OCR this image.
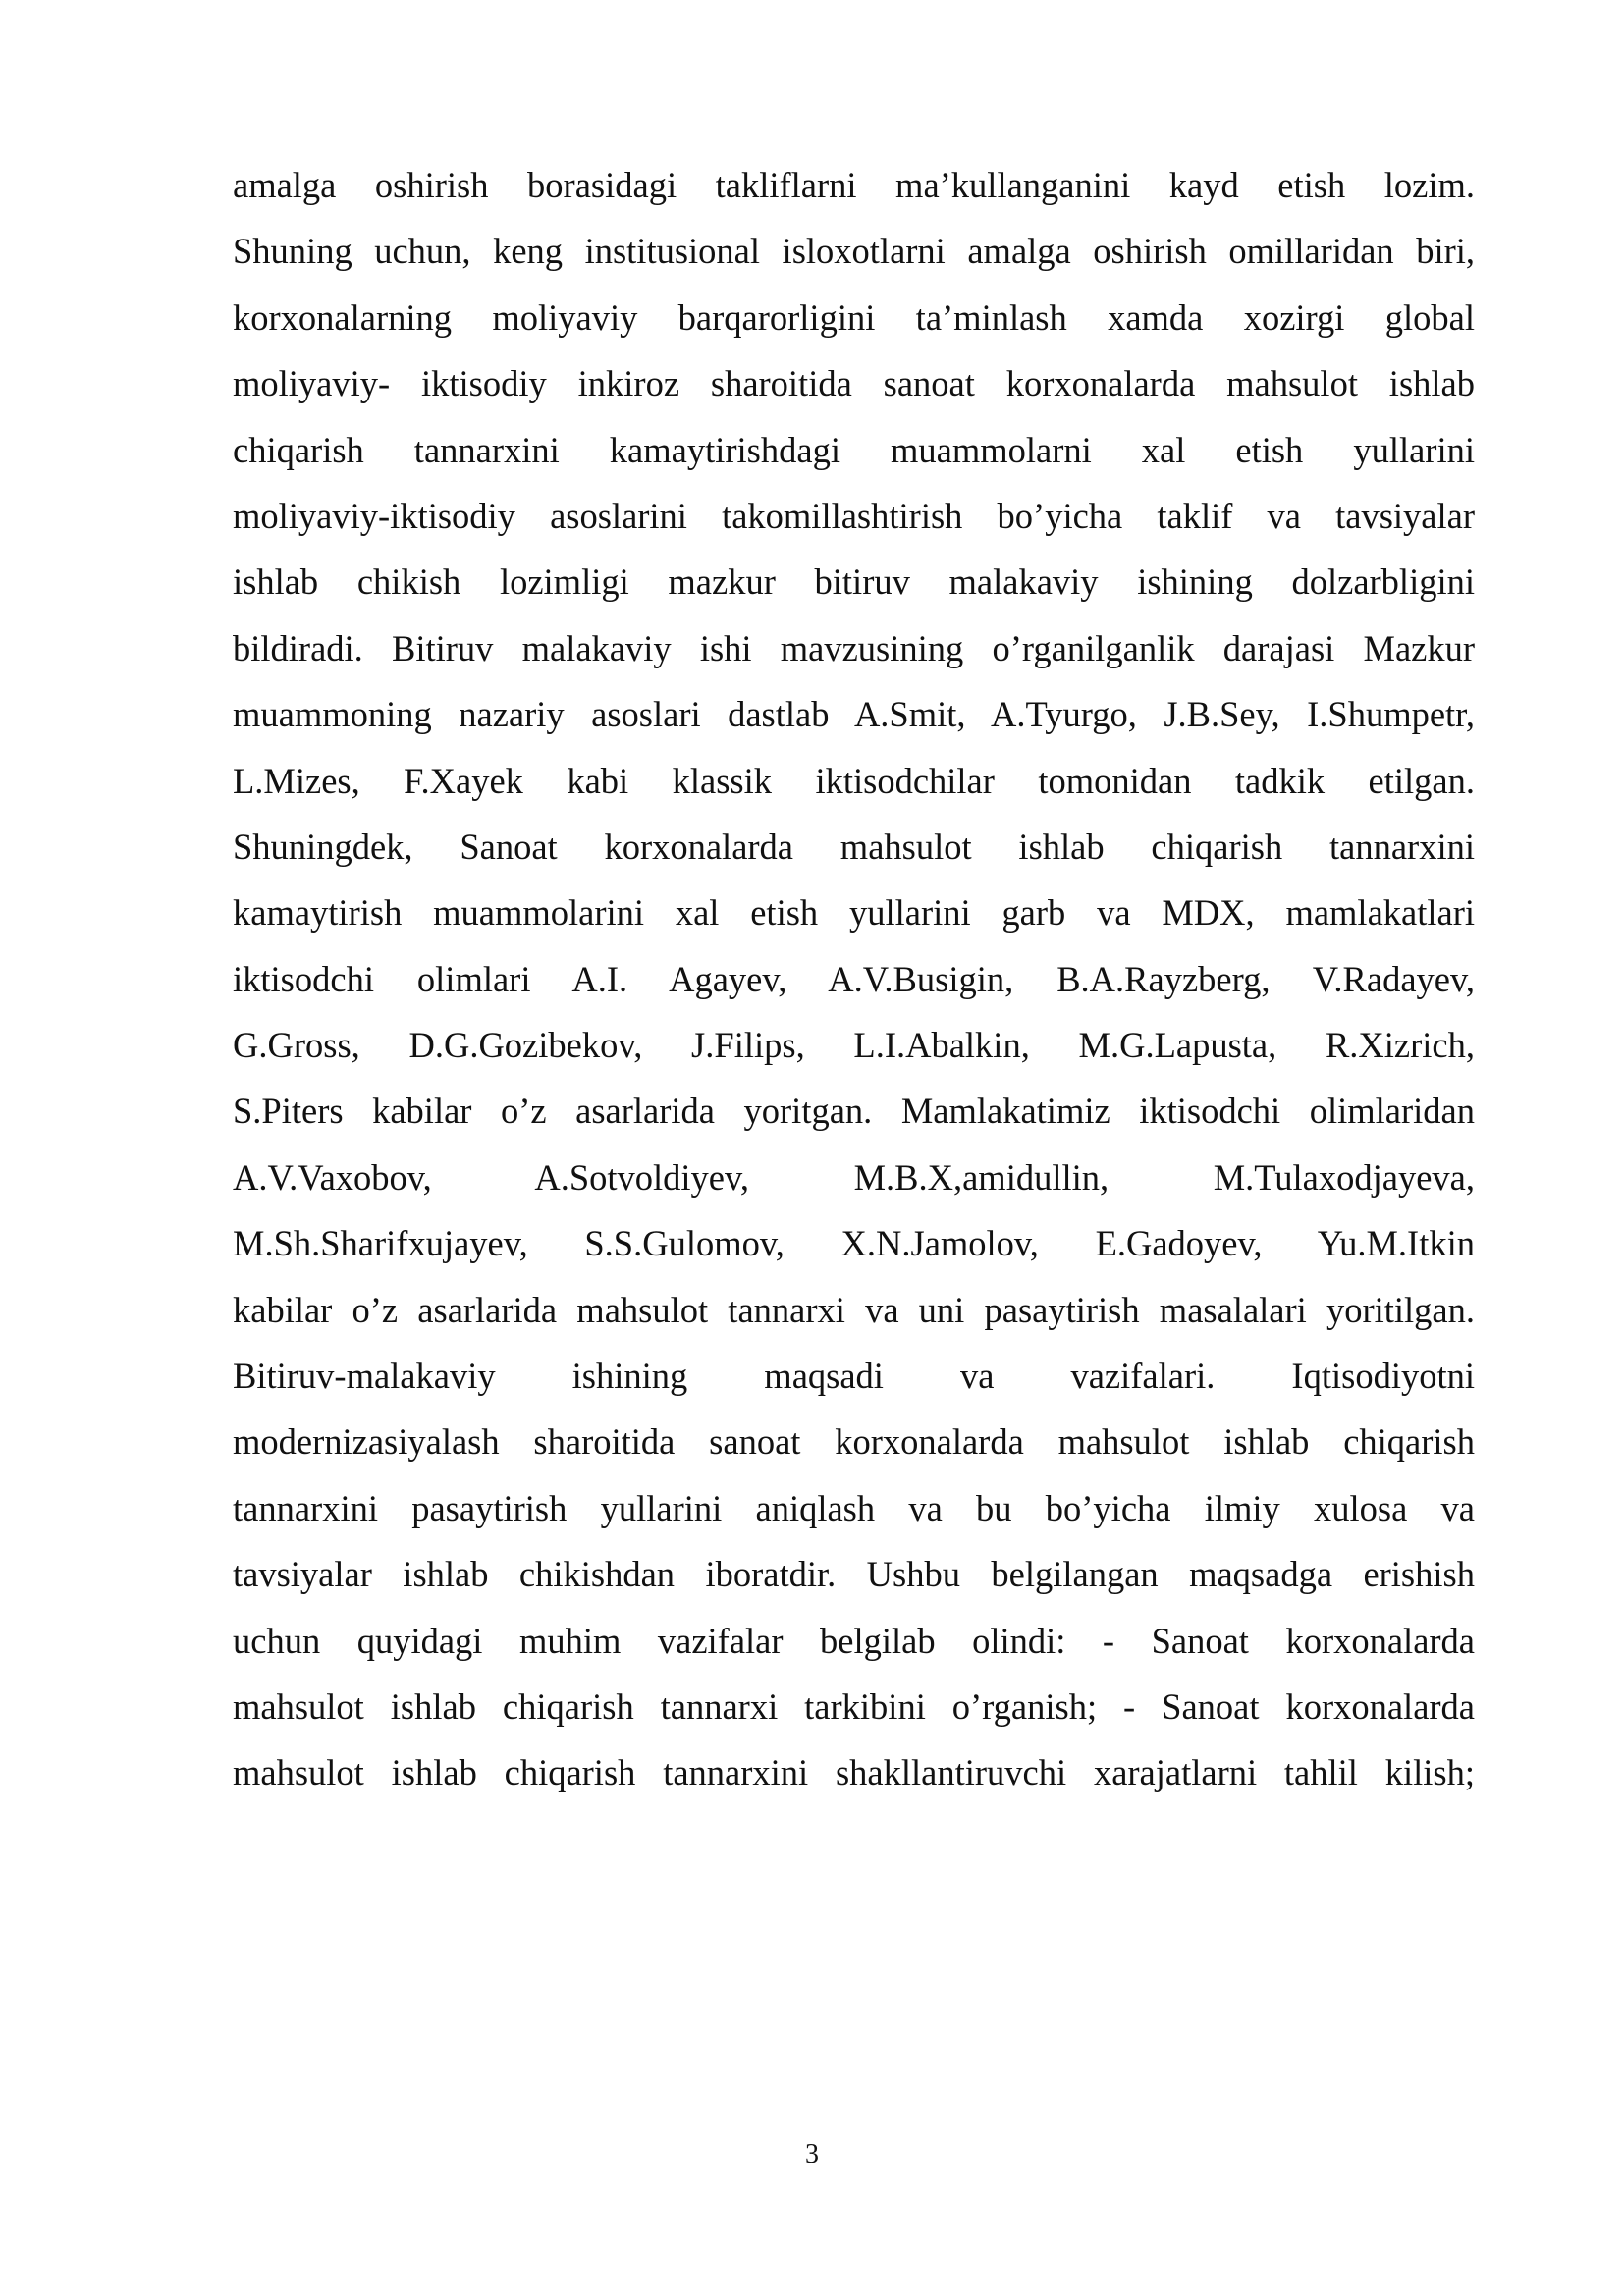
amalga oshirish borasidagi takliflarni ma’kullanganini kayd etish lozim.
Shuning uchun, keng institusional isloxotlarni amalga oshirish omillaridan biri,
korxonalarning moliyaviy barqarorligini ta’minlash xamda xozirgi global
moliyaviy- iktisodiy inkiroz sharoitida sanoat korxonalarda mahsulot ishlab
chiqarish tannarxini kamaytirishdagi muammolarni xal etish yullarini
moliyaviy-iktisodiy asoslarini takomillashtirish bo’yicha taklif va tavsiyalar
ishlab chikish lozimligi mazkur bitiruv malakaviy ishining dolzarbligini
bildiradi. Bitiruv malakaviy ishi mavzusining o’rganilganlik darajasi Mazkur
muammoning nazariy asoslari dastlab A.Smit, A.Tyurgo, J.B.Sey, I.Shumpetr,
L.Mizes, F.Xayek kabi klassik iktisodchilar tomonidan tadkik etilgan.
Shuningdek, Sanoat korxonalarda mahsulot ishlab chiqarish tannarxini
kamaytirish muammolarini xal etish yullarini garb va MDX, mamlakatlari
iktisodchi olimlari A.I. Agayev, A.V.Busigin, B.A.Rayzberg, V.Radayev,
G.Gross, D.G.Gozibekov, J.Filips, L.I.Abalkin, M.G.Lapusta, R.Xizrich,
S.Piters kabilar o’z asarlarida yoritgan. Mamlakatimiz iktisodchi olimlaridan
A.V.Vaxobov, A.Sotvoldiyev, M.B.X,amidullin, M.Tulaxodjayeva,
M.Sh.Sharifxujayev, S.S.Gulomov, X.N.Jamolov, E.Gadoyev, Yu.M.Itkin
kabilar o’z asarlarida mahsulot tannarxi va uni pasaytirish masalalari yoritilgan.
Bitiruv-malakaviy ishining maqsadi va vazifalari. Iqtisodiyotni
modernizasiyalash sharoitida sanoat korxonalarda mahsulot ishlab chiqarish
tannarxini pasaytirish yullarini aniqlash va bu bo’yicha ilmiy xulosa va
tavsiyalar ishlab chikishdan iboratdir. Ushbu belgilangan maqsadga erishish
uchun quyidagi muhim vazifalar belgilab olindi: - Sanoat korxonalarda
mahsulot ishlab chiqarish tannarxi tarkibini o’rganish; - Sanoat korxonalarda
mahsulot ishlab chiqarish tannarxini shakllantiruvchi xarajatlarni tahlil kilish;
3
